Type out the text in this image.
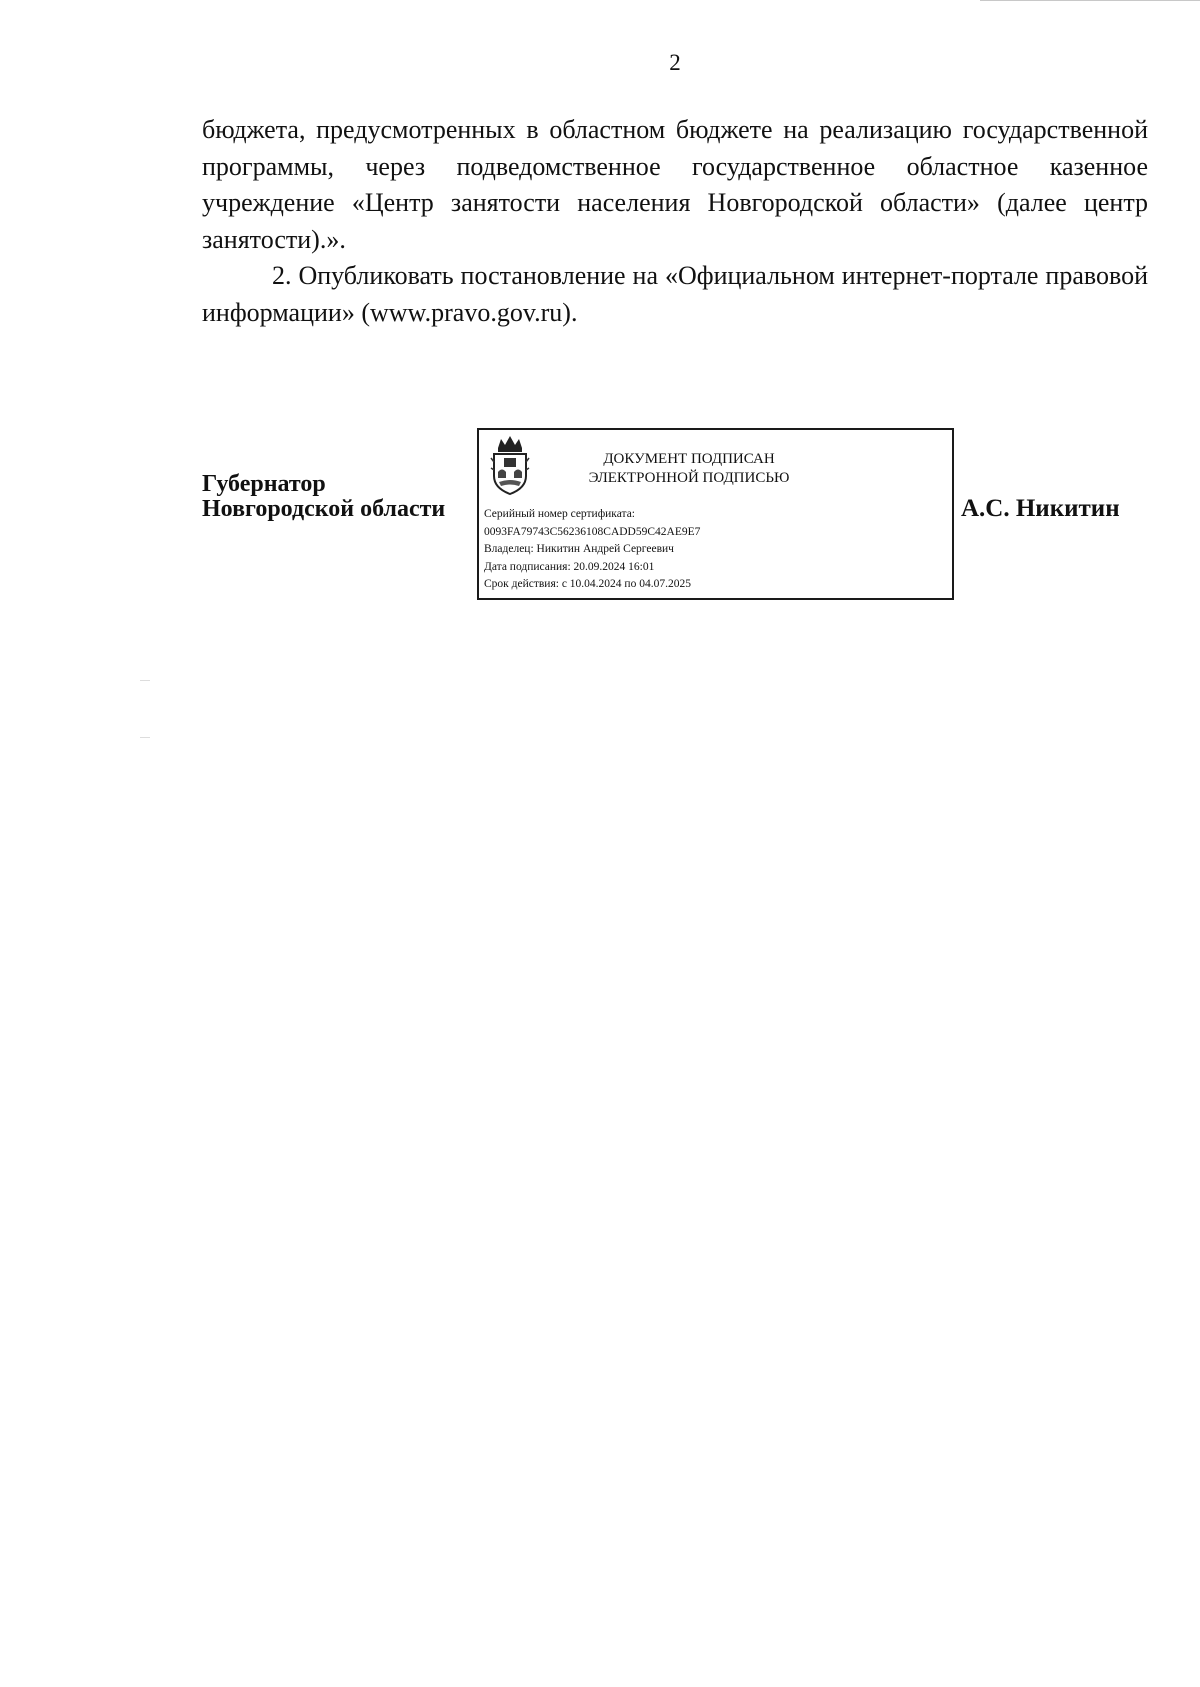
2

бюджета, предусмотренных в областном бюджете на реализацию государственной программы, через подведомственное государственное областное казенное учреждение «Центр занятости населения Новгородской области» (далее центр занятости).».

2. Опубликовать постановление на «Официальном интернет-портале правовой информации» (www.pravo.gov.ru).

Губернатор
Новгородской области
ДОКУМЕНТ ПОДПИСАН
ЭЛЕКТРОННОЙ ПОДПИСЬЮ
Серийный номер сертификата:
0093FA79743C56236108CADD59C42AE9E7
Владелец: Никитин Андрей Сергеевич
Дата подписания: 20.09.2024 16:01
Срок действия: с 10.04.2024 по 04.07.2025
А.С. Никитин
